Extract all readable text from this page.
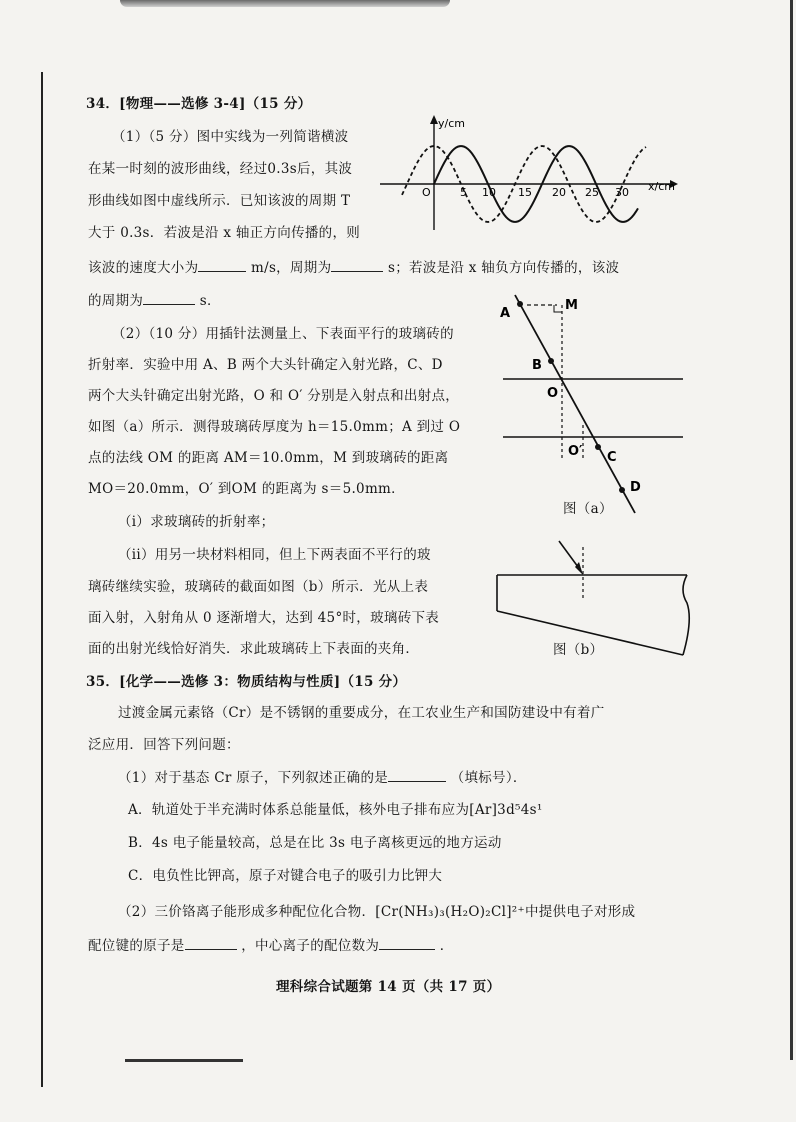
34．[物理——选修 3-4]（15 分）
（1）（5 分）图中实线为一列简谐横波
在某一时刻的波形曲线，经过0.3s后，其波
形曲线如图中虚线所示．已知该波的周期 T
大于 0.3s．若波是沿 x 轴正方向传播的，则
该波的速度大小为	m/s，周期为	s；若波是沿 x 轴负方向传播的，该波
的周期为	s．
（2）（10 分）用插针法测量上、下表面平行的玻璃砖的
折射率．实验中用 A、B 两个大头针确定入射光路，C、D
两个大头针确定出射光路，O 和 O′ 分别是入射点和出射点，
如图（a）所示．测得玻璃砖厚度为 h＝15.0mm；A 到过 O
点的法线 OM 的距离 AM＝10.0mm，M 到玻璃砖的距离
MO＝20.0mm，O′ 到OM 的距离为 s＝5.0mm．
（i）求玻璃砖的折射率；
（ii）用另一块材料相同，但上下两表面不平行的玻
璃砖继续实验，玻璃砖的截面如图（b）所示．光从上表
面入射，入射角从 0 逐渐增大，达到 45°时，玻璃砖下表
面的出射光线恰好消失．求此玻璃砖上下表面的夹角．
y/cm
x/cm
O	5 10 15 20 25 30
A
M
B
O
O′ C
D
图（a）
图（b）
35．[化学——选修 3：物质结构与性质]（15 分）
过渡金属元素铬（Cr）是不锈钢的重要成分，在工农业生产和国防建设中有着广
泛应用．回答下列问题：
（1）对于基态 Cr 原子，下列叙述正确的是	（填标号）．
A．轨道处于半充满时体系总能量低，核外电子排布应为[Ar]3d⁵4s¹
B．4s 电子能量较高，总是在比 3s 电子离核更远的地方运动
C．电负性比钾高，原子对键合电子的吸引力比钾大
（2）三价铬离子能形成多种配位化合物．[Cr(NH₃)₃(H₂O)₂Cl]²⁺中提供电子对形成
配位键的原子是	，中心离子的配位数为	．
理科综合试题第 14 页（共 17 页）
